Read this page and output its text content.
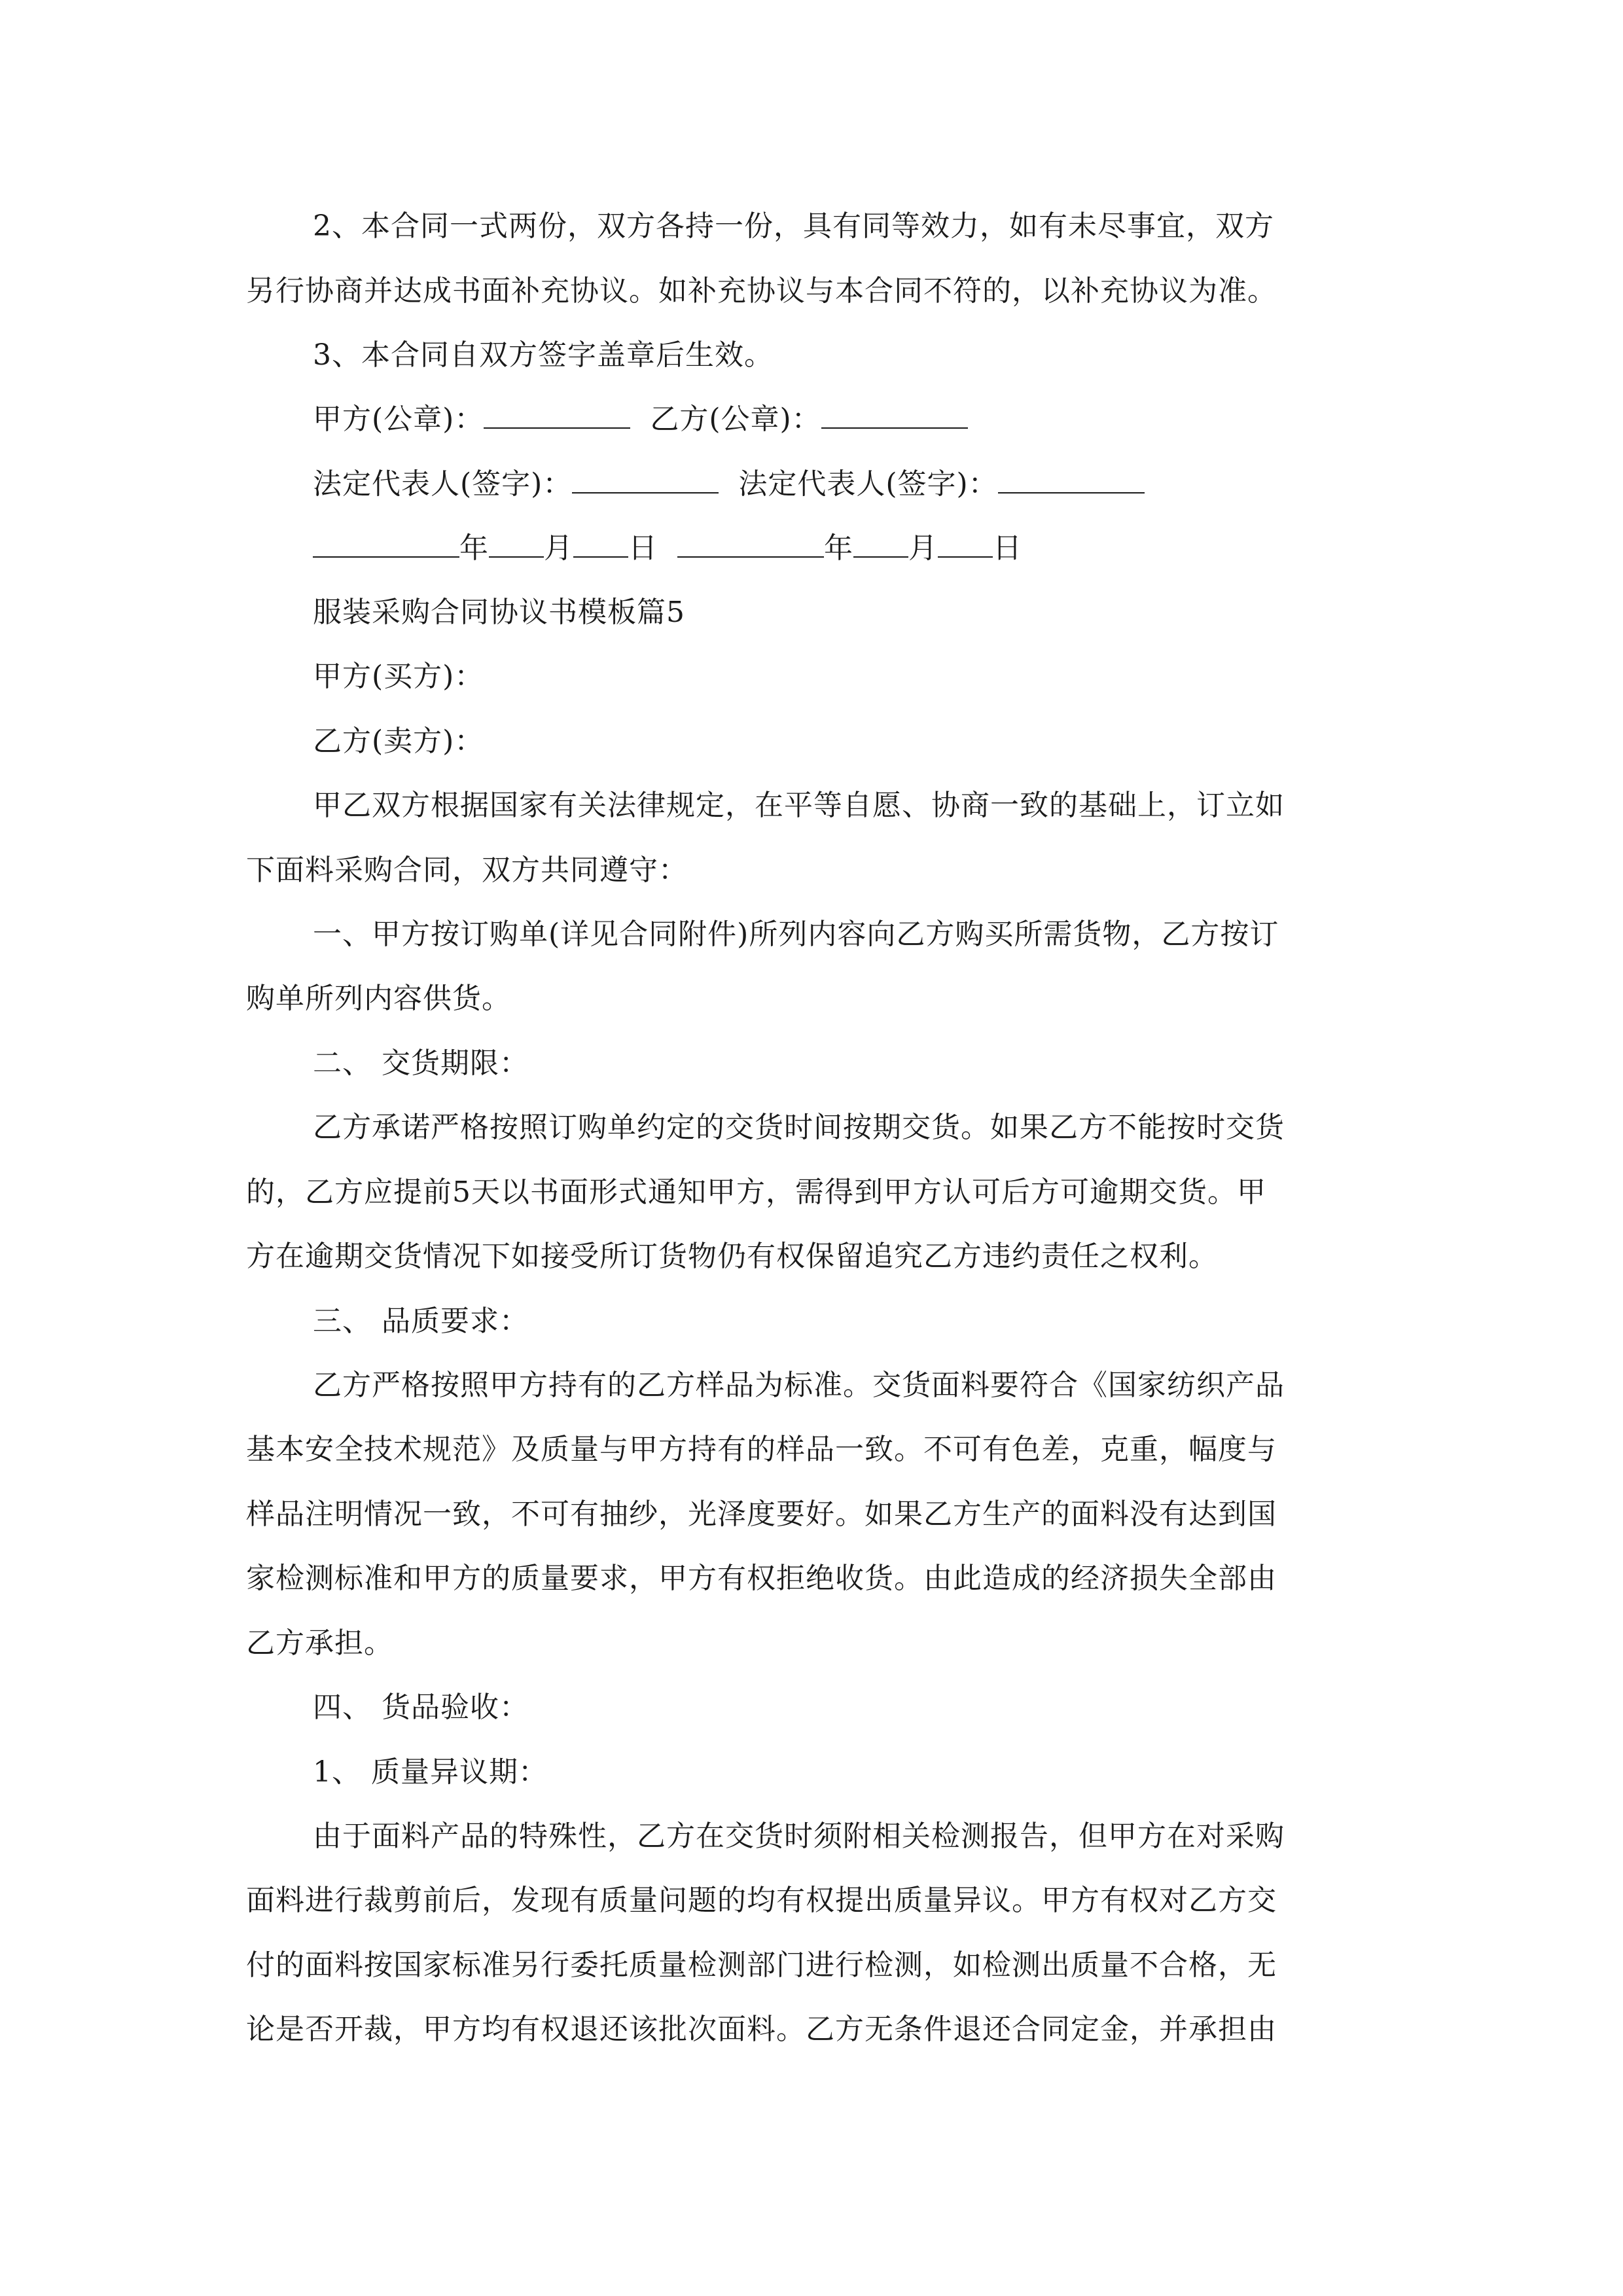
2、本合同一式两份，双方各持一份，具有同等效力，如有未尽事宜，双方
另行协商并达成书面补充协议。如补充协议与本合同不符的，以补充协议为准。
3、本合同自双方签字盖章后生效。
甲方(公章)：	乙方(公章)：
法定代表人(签字)：	法定代表人(签字)：
年 月 日	年 月 日
服装采购合同协议书模板篇5
甲方(买方)：
乙方(卖方)：
甲乙双方根据国家有关法律规定，在平等自愿、协商一致的基础上，订立如
下面料采购合同，双方共同遵守：
一、甲方按订购单(详见合同附件)所列内容向乙方购买所需货物，乙方按订
购单所列内容供货。
二、 交货期限：
乙方承诺严格按照订购单约定的交货时间按期交货。如果乙方不能按时交货
的，乙方应提前5天以书面形式通知甲方，需得到甲方认可后方可逾期交货。甲
方在逾期交货情况下如接受所订货物仍有权保留追究乙方违约责任之权利。
三、 品质要求：
乙方严格按照甲方持有的乙方样品为标准。交货面料要符合《国家纺织产品
基本安全技术规范》及质量与甲方持有的样品一致。不可有色差，克重，幅度与
样品注明情况一致，不可有抽纱，光泽度要好。如果乙方生产的面料没有达到国
家检测标准和甲方的质量要求，甲方有权拒绝收货。由此造成的经济损失全部由
乙方承担。
四、 货品验收：
1、 质量异议期：
由于面料产品的特殊性，乙方在交货时须附相关检测报告，但甲方在对采购
面料进行裁剪前后，发现有质量问题的均有权提出质量异议。甲方有权对乙方交
付的面料按国家标准另行委托质量检测部门进行检测，如检测出质量不合格，无
论是否开裁，甲方均有权退还该批次面料。乙方无条件退还合同定金，并承担由
